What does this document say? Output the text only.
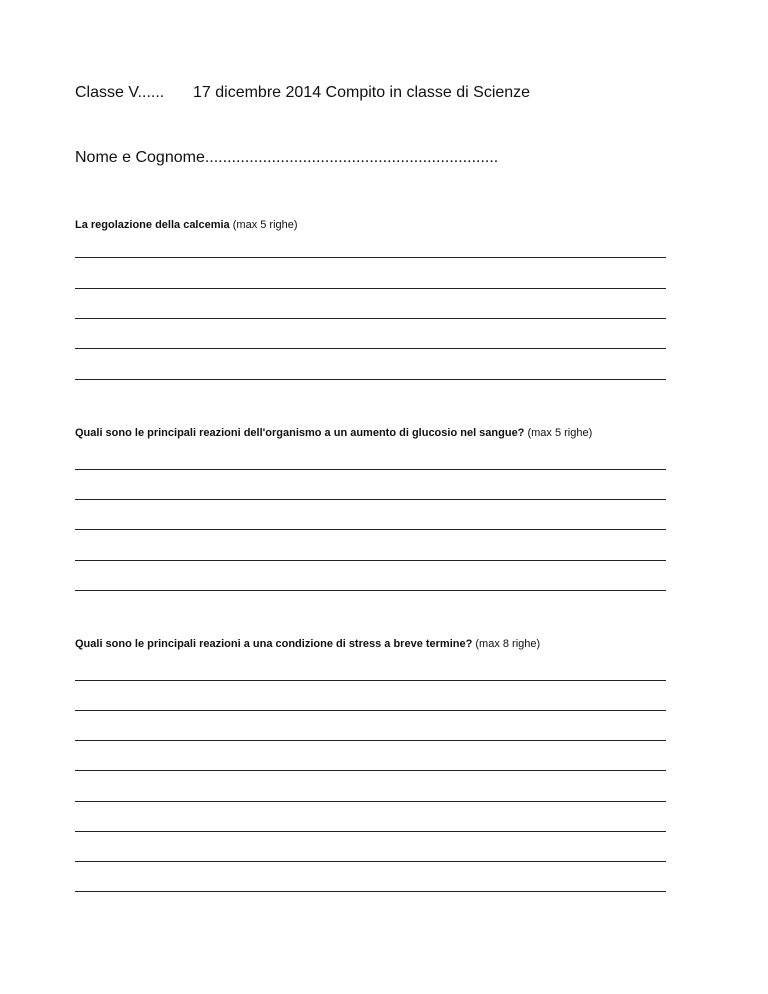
Classe V...... 17 dicembre 2014 Compito in classe di Scienze
Nome e Cognome..................................................................
La regolazione della calcemia (max 5 righe)
Quali sono le principali reazioni dell'organismo a un aumento di glucosio nel sangue? (max 5 righe)
Quali sono le principali reazioni a una condizione di stress a breve termine? (max 8 righe)
